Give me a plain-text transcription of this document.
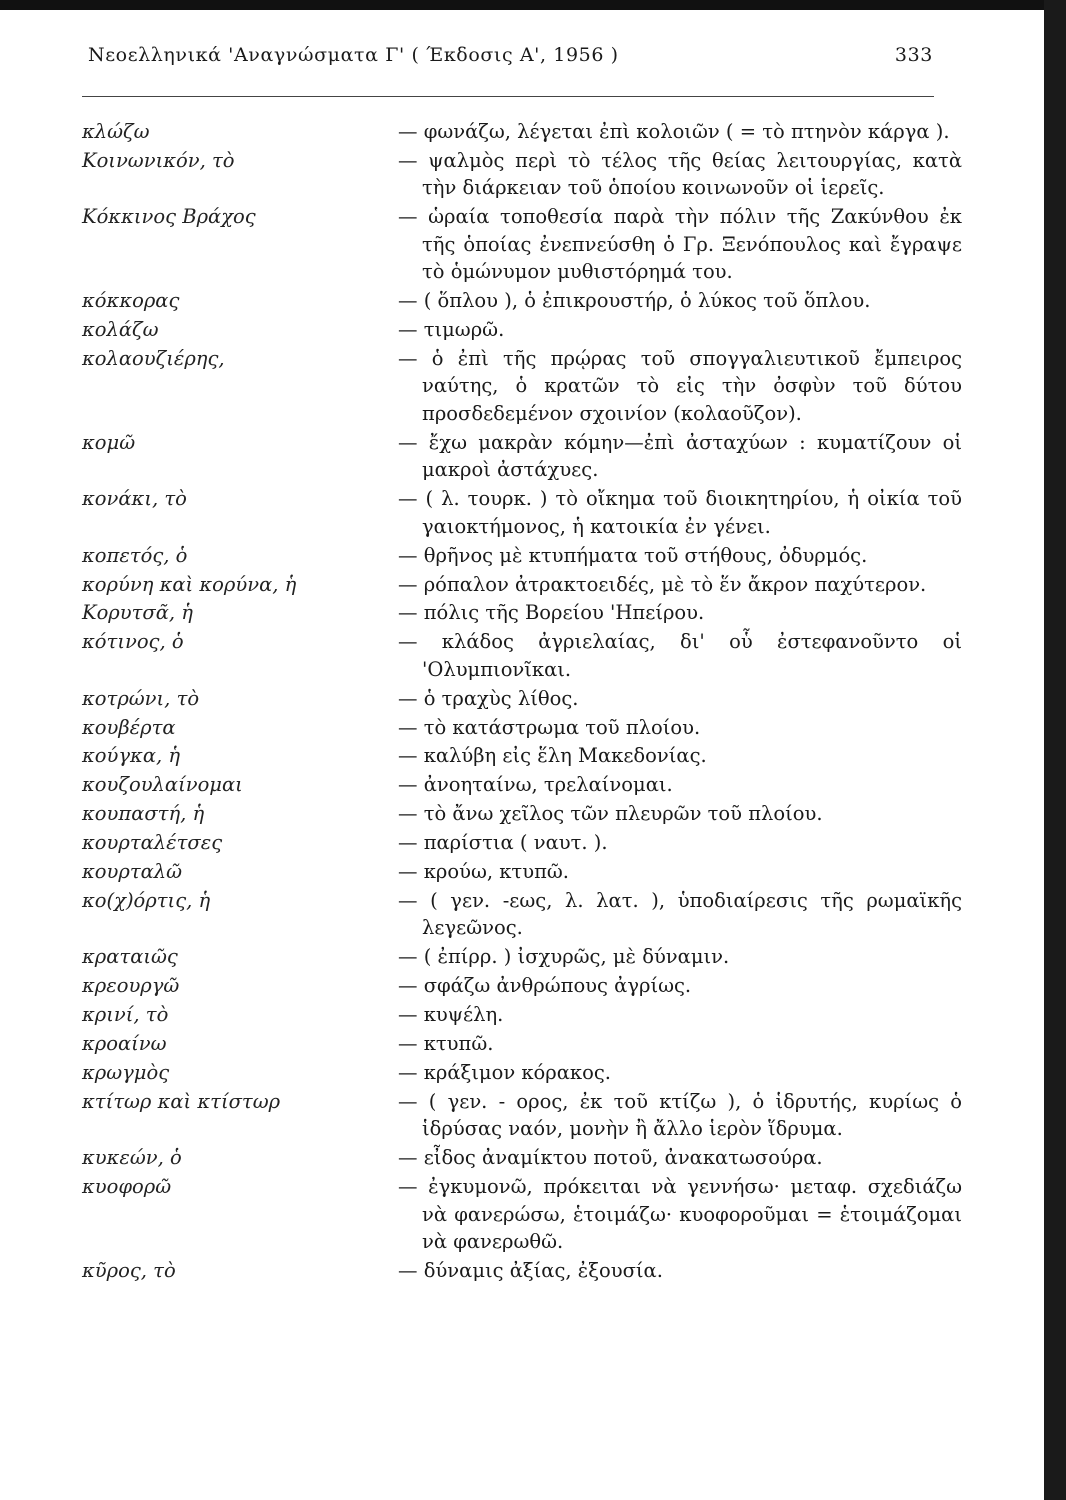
Νεοελληνικά 'Αναγνώσματα Γ' ( Έκδοσις Α', 1956 )	333
κλώζω	— φωνάζω, λέγεται ἐπὶ κολοιῶν ( = τὸ πτηνὸν κάργα ).
Κοινωνικόν, τὸ	— ψαλμὸς περὶ τὸ τέλος τῆς θείας λειτουργίας, κατὰ τὴν διάρκειαν τοῦ ὁποίου κοινωνοῦν οἱ ἱερεῖς.
Κόκκινος Βράχος	— ὡραία τοποθεσία παρὰ τὴν πόλιν τῆς Ζακύνθου ἐκ τῆς ὁποίας ἐνεπνεύσθη ὁ Γρ. Ξενόπουλος καὶ ἔγραψε τὸ ὁμώνυμον μυθιστόρημά του.
κόκκορας	— ( ὅπλου ), ὁ ἐπικρουστήρ, ὁ λύκος τοῦ ὅπλου.
κολάζω	— τιμωρῶ.
κολαουζιέρης,	— ὁ ἐπὶ τῆς πρῴρας τοῦ σπογγαλιευτικοῦ ἔμπειρος ναύτης, ὁ κρατῶν τὸ εἰς τὴν ὀσφὺν τοῦ δύτου προσδεδεμένον σχοινίον (κολαοῦζον).
κομῶ	— ἔχω μακρὰν κόμην—ἐπὶ ἀσταχύων : κυματίζουν οἱ μακροὶ ἀστάχυες.
κονάκι, τὸ	— ( λ. τουρκ. ) τὸ οἴκημα τοῦ διοικητηρίου, ἡ οἰκία τοῦ γαιοκτήμονος, ἡ κατοικία ἐν γένει.
κοπετός, ὁ	— θρῆνος μὲ κτυπήματα τοῦ στήθους, ὀδυρμός.
κορύνη καὶ κορύνα, ἡ	— ρόπαλον ἀτρακτοειδές, μὲ τὸ ἕν ἄκρον παχύτερον.
Κορυτσᾶ, ἡ	— πόλις τῆς Βορείου 'Ηπείρου.
κότινος, ὁ	— κλάδος ἀγριελαίας, δι' οὗ ἐστεφανοῦντο οἱ 'Ολυμπιονῖκαι.
κοτρώνι, τὸ	— ὁ τραχὺς λίθος.
κουβέρτα	— τὸ κατάστρωμα τοῦ πλοίου.
κούγκα, ἡ	— καλύβη εἰς ἕλη Μακεδονίας.
κουζουλαίνομαι	— ἀνοηταίνω, τρελαίνομαι.
κουπαστή, ἡ	— τὸ ἄνω χεῖλος τῶν πλευρῶν τοῦ πλοίου.
κουρταλέτσες	— παρίστια ( ναυτ. ).
κουρταλῶ	— κρούω, κτυπῶ.
κο(χ)όρτις, ἡ	— ( γεν. -εως, λ. λατ. ), ὑποδιαίρεσις τῆς ρωμαϊκῆς λεγεῶνος.
κραταιῶς	— ( ἐπίρρ. ) ἰσχυρῶς, μὲ δύναμιν.
κρεουργῶ	— σφάζω ἀνθρώπους ἀγρίως.
κρινί, τὸ	— κυψέλη.
κροαίνω	— κτυπῶ.
κρωγμὸς	— κράξιμον κόρακος.
κτίτωρ καὶ κτίστωρ	— ( γεν. - ορος, ἐκ τοῦ κτίζω ), ὁ ἱδρυτής, κυρίως ὁ ἱδρύσας ναόν, μονὴν ἢ ἄλλο ἱερὸν ἵδρυμα.
κυκεών, ὁ	— εἶδος ἀναμίκτου ποτοῦ, ἀνακατωσούρα.
κυοφορῶ	— ἐγκυμονῶ, πρόκειται νὰ γεννήσω· μεταφ. σχεδιάζω νὰ φανερώσω, ἑτοιμάζω· κυοφοροῦμαι = ἑτοιμάζομαι νὰ φανερωθῶ.
κῦρος, τὸ	— δύναμις ἀξίας, ἐξουσία.
